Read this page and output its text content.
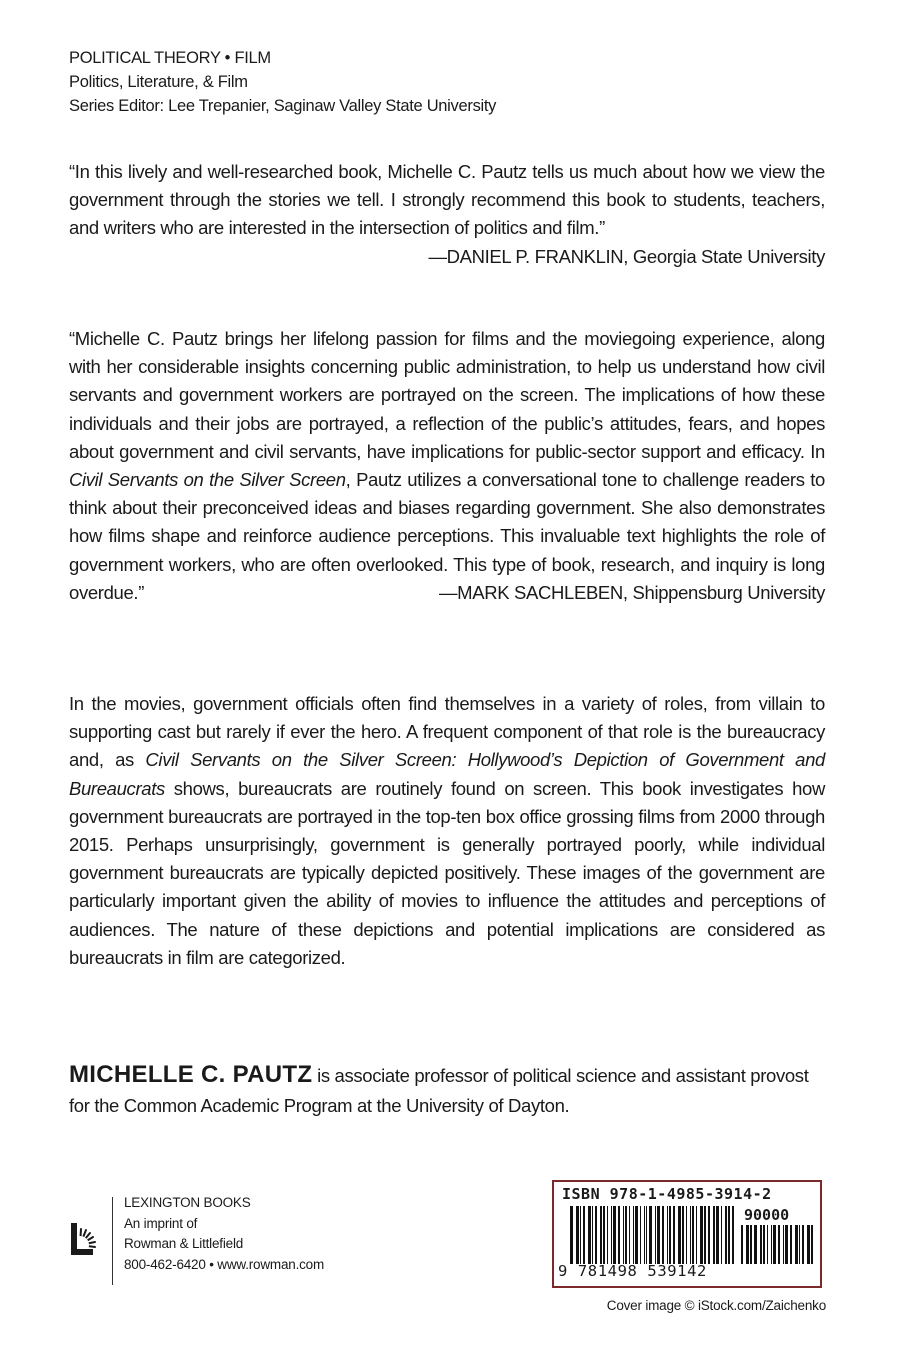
POLITICAL THEORY • FILM
Politics, Literature, & Film
Series Editor: Lee Trepanier, Saginaw Valley State University
“In this lively and well-researched book, Michelle C. Pautz tells us much about how we view the government through the stories we tell. I strongly recommend this book to students, teachers, and writers who are interested in the intersection of politics and film.”
—DANIEL P. FRANKLIN, Georgia State University
“Michelle C. Pautz brings her lifelong passion for films and the moviegoing experience, along with her considerable insights concerning public administration, to help us understand how civil servants and government workers are portrayed on the screen. The implications of how these individuals and their jobs are portrayed, a reflection of the public’s attitudes, fears, and hopes about government and civil servants, have implications for public-sector support and efficacy. In Civil Servants on the Silver Screen, Pautz utilizes a conversational tone to challenge readers to think about their preconceived ideas and biases regarding government. She also demonstrates how films shape and reinforce audience perceptions. This invaluable text highlights the role of government workers, who are often overlooked. This type of book, research, and inquiry is long overdue.”	—MARK SACHLEBEN, Shippensburg University
In the movies, government officials often find themselves in a variety of roles, from villain to supporting cast but rarely if ever the hero. A frequent component of that role is the bureaucracy and, as Civil Servants on the Silver Screen: Hollywood’s Depiction of Government and Bureaucrats shows, bureaucrats are routinely found on screen. This book investigates how government bureaucrats are portrayed in the top-ten box office grossing films from 2000 through 2015. Perhaps unsurprisingly, government is generally portrayed poorly, while individual government bureaucrats are typically depicted positively. These images of the government are particularly important given the ability of movies to influence the attitudes and perceptions of audiences. The nature of these depictions and potential implications are considered as bureaucrats in film are categorized.
MICHELLE C. PAUTZ is associate professor of political science and assistant provost for the Common Academic Program at the University of Dayton.
LEXINGTON BOOKS
An imprint of
Rowman & Littlefield
800-462-6420 • www.rowman.com
ISBN 978-1-4985-3914-2
90000
9 781498 539142
Cover image © iStock.com/Zaichenko
